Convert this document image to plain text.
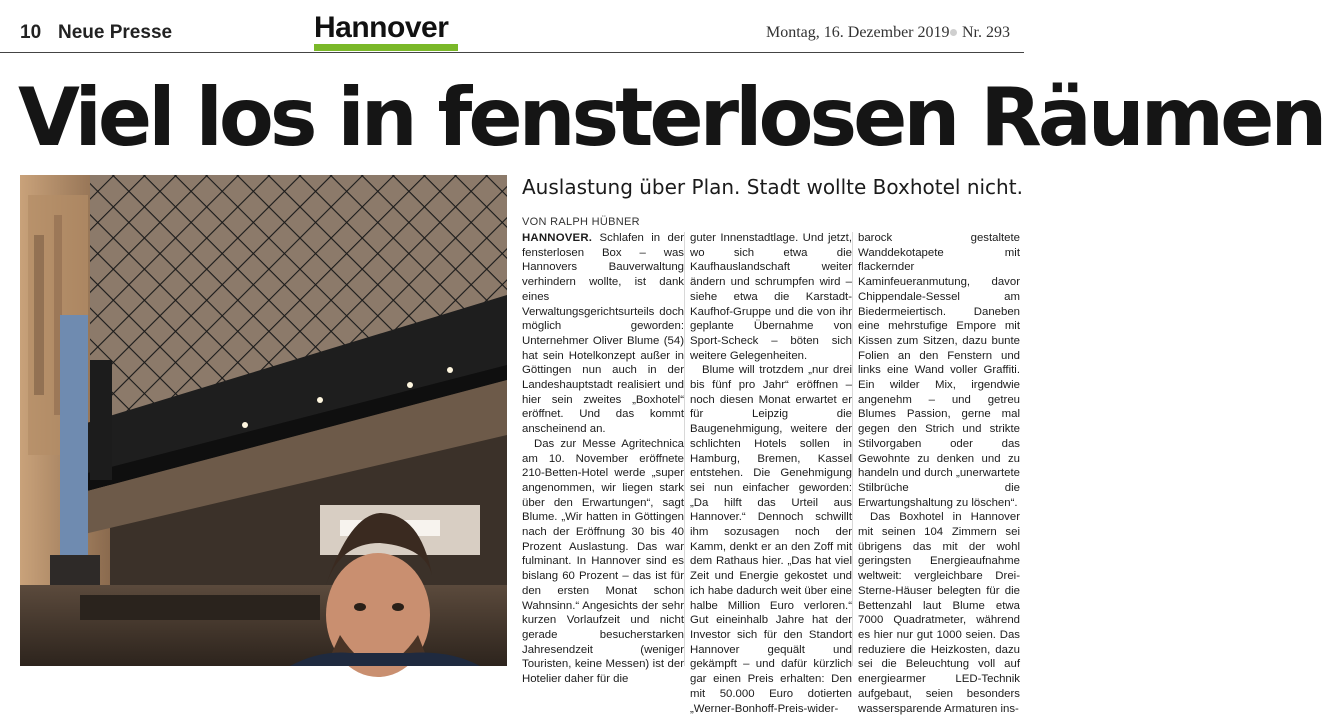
10 Neue Presse	Hannover	Montag, 16. Dezember 2019 Nr. 293
Viel los in fensterlosen Räumen
Auslastung über Plan. Stadt wollte Boxhotel nicht.
VON RALPH HÜBNER

HANNOVER. Schlafen in der fensterlosen Box – was Hannovers Bauverwaltung verhindern wollte, ist dank eines Verwaltungsgerichtsurteils doch möglich geworden: Unternehmer Oliver Blume (54) hat sein Hotelkonzept außer in Göttingen nun auch in der Landeshauptstadt realisiert und hier sein zweites „Boxhotel“ eröffnet. Und das kommt anscheinend an.

Das zur Messe Agritechnica am 10. November eröffnete 210-Betten-Hotel werde „super angenommen, wir liegen stark über den Erwartungen“, sagt Blume. „Wir hatten in Göttingen nach der Eröffnung 30 bis 40 Prozent Auslastung. Das war fulminant. In Hannover sind es bislang 60 Prozent – das ist für den ersten Monat schon Wahnsinn.“ Angesichts der sehr kurzen Vorlaufzeit und nicht gerade besucherstarken Jahresendzeit (weniger Touristen, keine Messen) ist der Hotelier daher für die

guter Innenstadtlage. Und jetzt, wo sich etwa die Kaufhauslandschaft weiter ändern und schrumpfen wird – siehe etwa die Karstadt-Kaufhof-Gruppe und die von ihr geplante Übernahme von Sport-Scheck – böten sich weitere Gelegenheiten.

Blume will trotzdem „nur drei bis fünf pro Jahr“ eröffnen – noch diesen Monat erwartet er für Leipzig die Baugenehmigung, weitere der schlichten Hotels sollen in Hamburg, Bremen, Kassel entstehen. Die Genehmigung sei nun einfacher geworden: „Da hilft das Urteil aus Hannover.“ Dennoch schwillt ihm sozusagen noch der Kamm, denkt er an den Zoff mit dem Rathaus hier. „Das hat viel Zeit und Energie gekostet und ich habe dadurch weit über eine halbe Million Euro verloren.“ Gut eineinhalb Jahre hat der Investor sich für den Standort Hannover gequält und gekämpft – und dafür kürzlich gar einen Preis erhalten: Den mit 50.000 Euro dotierten „Werner-Bonhoff-Preis-wider-

barock gestaltete Wanddekotapete mit flackernder Kaminfeueranmutung, davor Chippendale-Sessel am Biedermeiertisch. Daneben eine mehrstufige Empore mit Kissen zum Sitzen, dazu bunte Folien an den Fenstern und links eine Wand voller Graffiti. Ein wilder Mix, irgendwie angenehm – und getreu Blumes Passion, gerne mal gegen den Strich und strikte Stilvorgaben oder das Gewohnte zu denken und zu handeln und durch „unerwartete Stilbrüche die Erwartungshaltung zu löschen“.

Das Boxhotel in Hannover mit seinen 104 Zimmern sei übrigens das mit der wohl geringsten Energieaufnahme weltweit: vergleichbare Drei-Sterne-Häuser belegten für die Bettenzahl laut Blume etwa 7000 Quadratmeter, während es hier nur gut 1000 seien. Das reduziere die Heizkosten, dazu sei die Beleuchtung voll auf energiearmer LED-Technik aufgebaut, seien besonders wassersparende Armaturen ins-
